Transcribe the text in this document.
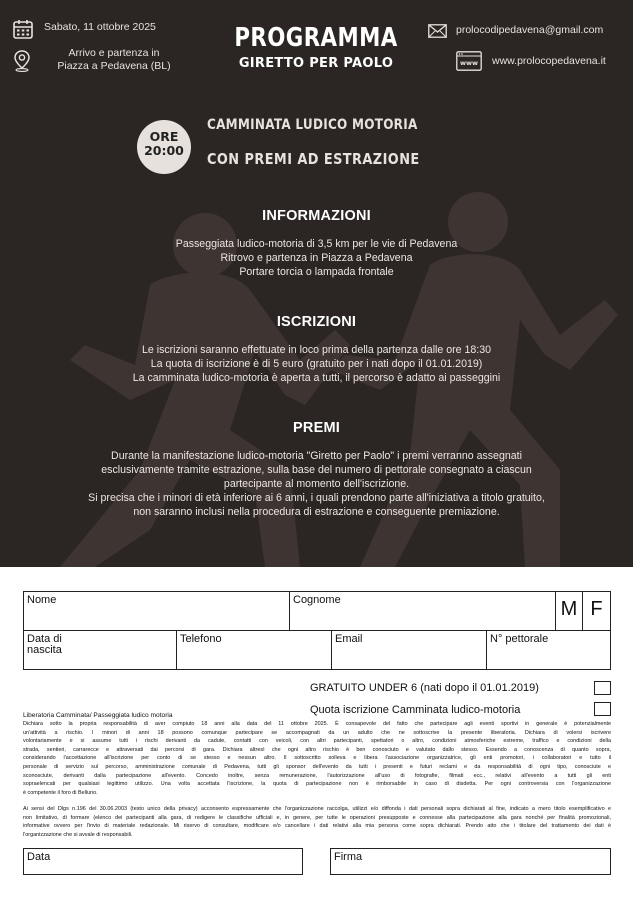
Sabato, 11 ottobre 2025
Arrivo e partenza in
Piazza a Pedavena (BL)
PROGRAMMA
GIRETTO PER PAOLO
prolocodipedavena@gmail.com
www www.prolocopedavena.it
ORE
20:00
CAMMINATA LUDICO MOTORIA
CON PREMI AD ESTRAZIONE
INFORMAZIONI
Passeggiata ludico-motoria di 3,5 km per le vie di Pedavena
Ritrovo e partenza in Piazza a Pedavena
Portare torcia o lampada frontale
ISCRIZIONI
Le iscrizioni saranno effettuate in loco prima della partenza dalle ore 18:30
La quota di iscrizione è di 5 euro (gratuito per i nati dopo il 01.01.2019)
La camminata ludico-motoria è aperta a tutti, il percorso è adatto ai passeggini
PREMI
Durante la manifestazione ludico-motoria "Giretto per Paolo" i premi verranno assegnati
esclusivamente tramite estrazione, sulla base del numero di pettorale consegnato a ciascun
partecipante al momento dell'iscrizione.
Si precisa che i minori di età inferiore ai 6 anni, i quali prendono parte all'iniziativa a titolo gratuito,
non saranno inclusi nella procedura di estrazione e conseguente premiazione.
Nome	Cognome	M F
Data di
nascita
Telefono	Email	N° pettorale
GRATUITO UNDER 6 (nati dopo il 01.01.2019)
Quota iscrizione Camminata ludico-motoria
Liberatoria Camminata/ Passeggiata ludico motoria
Dichiara sotto la propria responsabilità di aver compiuto 18 anni alla data del 11 ottobre 2025. È consapevole del fatto che partecipare agli eventi sportivi in generale è potenzialmente
un'attività a rischio. I minori di anni 18 possono comunque partecipare se accompagnati da un adulto che ne sottoscrive la presente liberatoria. Dichiara di volersi iscrivere
volontariamente e si assume tutti i rischi derivanti da cadute, contatti con veicoli, con altri partecipanti, spettatori o altro, condizioni atmosferiche estreme, traffico e condizioni della
strada, sentieri, carrarecce e attraversati dai percorsi di gara. Dichiara altresì che ogni altro rischio è ben conosciuto e valutato dallo stesso. Essendo a conoscenza di quanto sopra,
considerando l'accettazione all'iscrizione per conto di se stesso e nessun altro. Il sottoscritto solleva e libera l'associazione organizzatrice, gli enti promotori, i collaboratori e tutto il
personale di servizio sul percorso, amministrazione comunale di Pedavena, tutti gli sponsor dell'evento da tutti i presenti e futuri reclami e da responsabilità di ogni tipo, conosciute e
sconosciute, derivanti dalla partecipazione all'evento. Concedo inoltre, senza remunerazione, l'autorizzazione all'uso di fotografie, filmati ecc., relativi all'evento a tutti gli enti
sopraelencati per qualsiasi legittimo utilizzo. Una volta accettata l'iscrizione, la quota di partecipazione non è rimborsabile in caso di disdetta. Per ogni controversia con l'organizzazione
è competente il foro di Belluno.
Ai sensi del Dlgs n.196 del 30.06.2003 (testo unico della privacy) acconsento espressamente che l'organizzazione raccolga, utilizzi e/o diffonda i dati personali sopra dichiarati al fine, indicato a mero titolo esemplificativo e
non limitativo, di formare (elenco dei partecipanti alla gara, di redigere le classifiche ufficiali e, in genere, per tutte le operazioni presupposte e connesse alla partecipazione alla gara nonché per finalità promozionali,
informative ovvero per l'invio di materiale redazionale. Mi riservo di consultare, modificare e/o cancellare i dati relativi alla mia persona come sopra dichiarati. Prendo atto che i titolare del trattamento dei dati è
l'organizzazione che si avvale di responsabili.
Data	Firma
